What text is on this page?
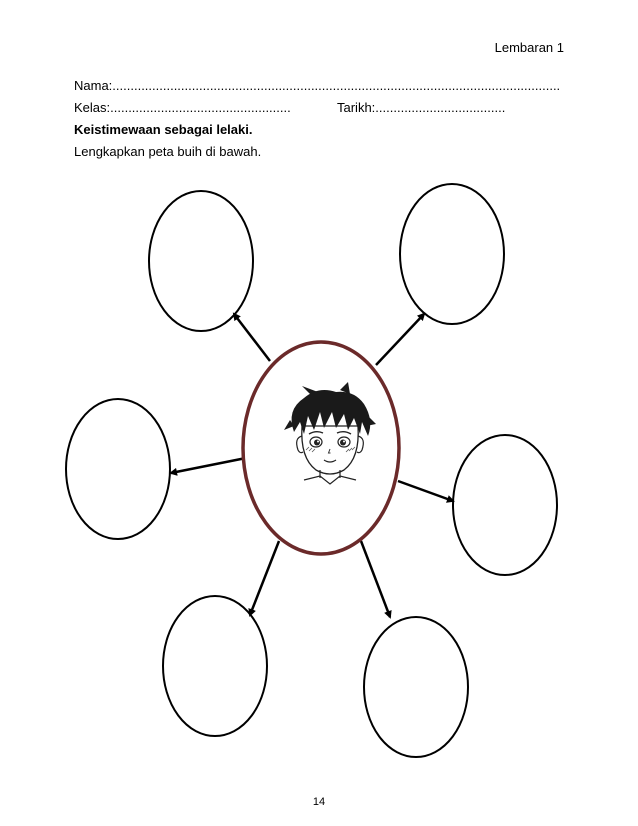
Lembaran 1
Nama:............................................................................................................................
Kelas:..................................................	Tarikh:....................................
Keistimewaan sebagai lelaki.
Lengkapkan peta buih di bawah.
14
